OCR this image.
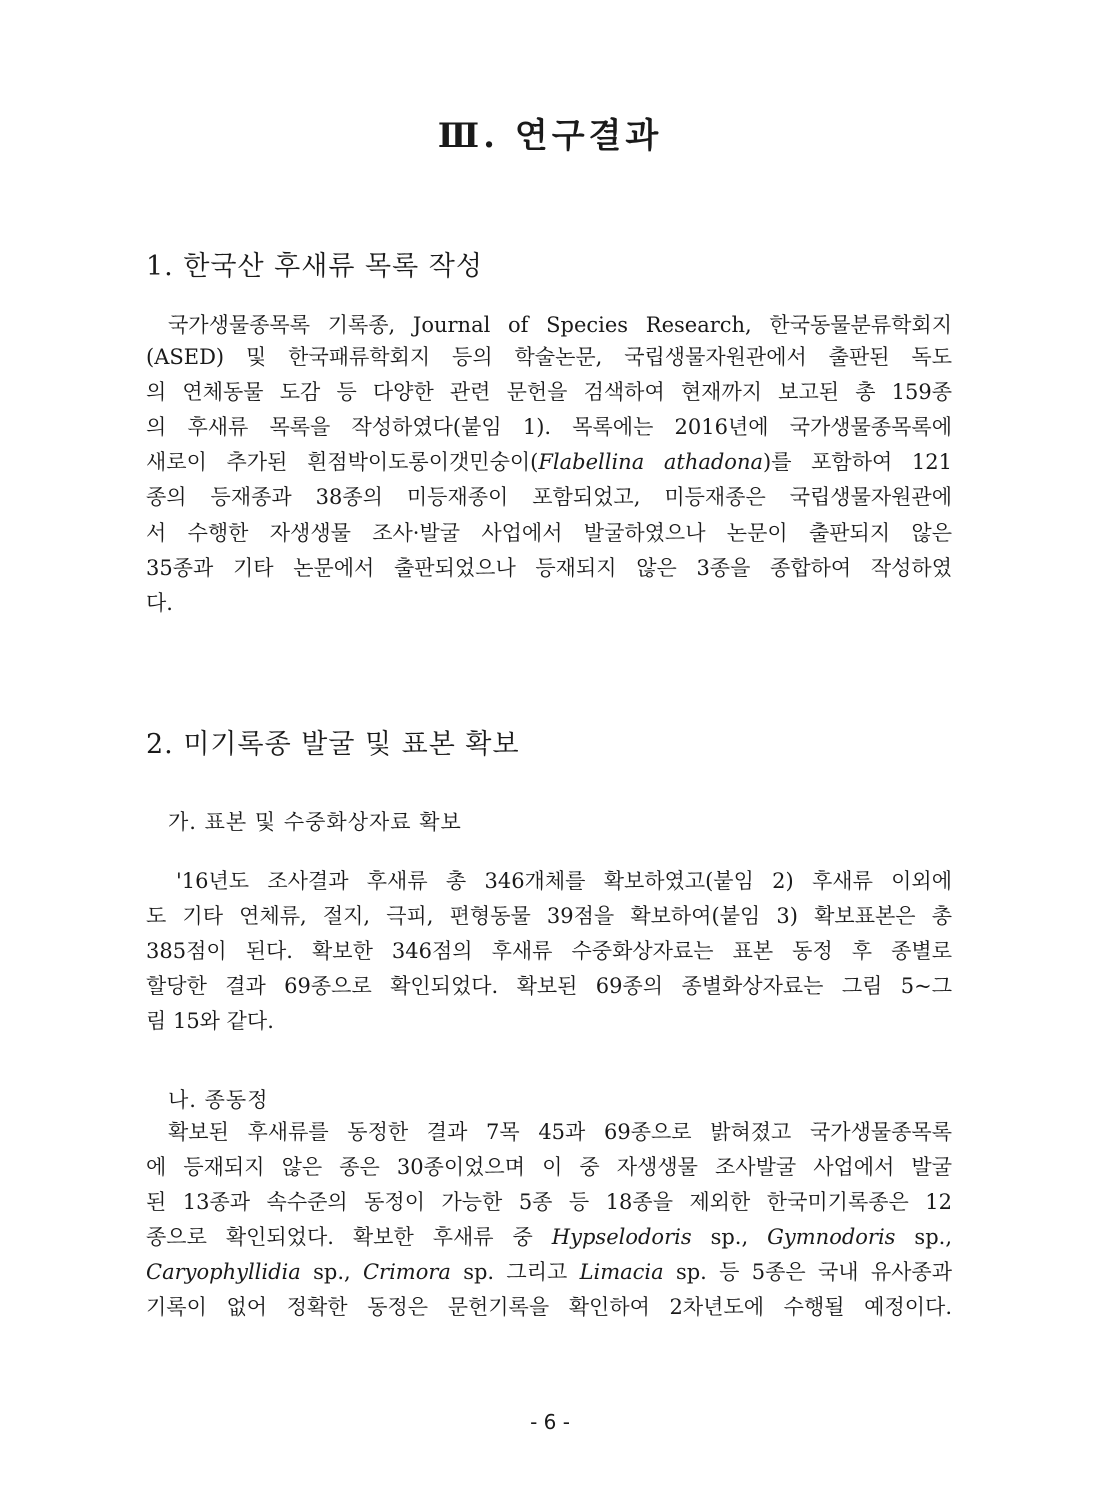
Ⅲ. 연구결과
1. 한국산 후새류 목록 작성
국가생물종목록 기록종, Journal of Species Research, 한국동물분류학회지
(ASED) 및 한국패류학회지 등의 학술논문, 국립생물자원관에서 출판된 독도
의 연체동물 도감 등 다양한 관련 문헌을 검색하여 현재까지 보고된 총 159종
의 후새류 목록을 작성하였다(붙임 1). 목록에는 2016년에 국가생물종목록에
새로이 추가된 흰점박이도롱이갯민숭이(Flabellina athadona)를 포함하여 121
종의 등재종과 38종의 미등재종이 포함되었고, 미등재종은 국립생물자원관에
서 수행한 자생생물 조사·발굴 사업에서 발굴하였으나 논문이 출판되지 않은
35종과 기타 논문에서 출판되었으나 등재되지 않은 3종을 종합하여 작성하였
다.
2. 미기록종 발굴 및 표본 확보
가. 표본 및 수중화상자료 확보
'16년도 조사결과 후새류 총 346개체를 확보하였고(붙임 2) 후새류 이외에
도 기타 연체류, 절지, 극피, 편형동물 39점을 확보하여(붙임 3) 확보표본은 총
385점이 된다. 확보한 346점의 후새류 수중화상자료는 표본 동정 후 종별로
할당한 결과 69종으로 확인되었다. 확보된 69종의 종별화상자료는 그림 5~그
림 15와 같다.
나. 종동정
확보된 후새류를 동정한 결과 7목 45과 69종으로 밝혀졌고 국가생물종목록
에 등재되지 않은 종은 30종이었으며 이 중 자생생물 조사발굴 사업에서 발굴
된 13종과 속수준의 동정이 가능한 5종 등 18종을 제외한 한국미기록종은 12
종으로 확인되었다. 확보한 후새류 중 Hypselodoris sp., Gymnodoris sp.,
Caryophyllidia sp., Crimora sp. 그리고 Limacia sp. 등 5종은 국내 유사종과
기록이 없어 정확한 동정은 문헌기록을 확인하여 2차년도에 수행될 예정이다.
- 6 -
